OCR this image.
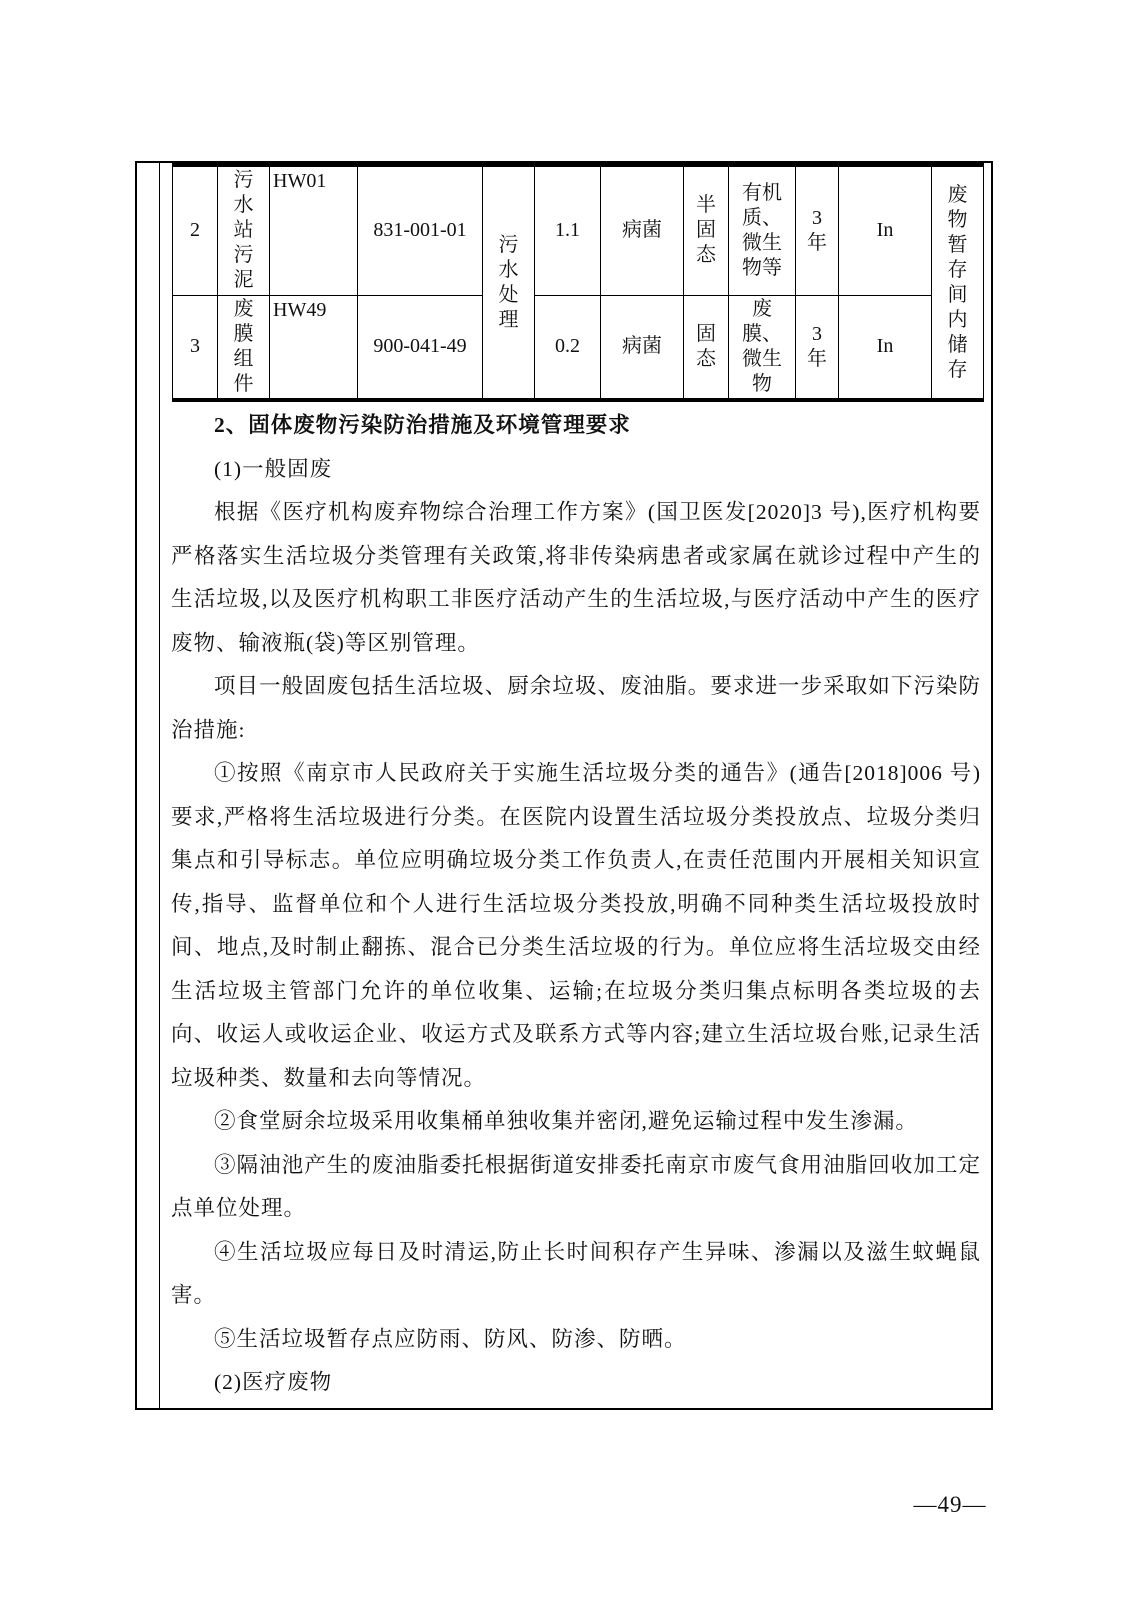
2	污水站污泥	HW01	831-001-01	污水处理	1.1	病菌	半固态	有机质、微生物等	3年	In	废物暂存间内储存

3	废膜组件	HW49	900-041-49		0.2	病菌	固态	废膜、微生物	3年	In	

2、固体废物污染防治措施及环境管理要求

(1)一般固废

根据《医疗机构废弃物综合治理工作方案》(国卫医发[2020]3 号),医疗机构要严格落实生活垃圾分类管理有关政策,将非传染病患者或家属在就诊过程中产生的生活垃圾,以及医疗机构职工非医疗活动产生的生活垃圾,与医疗活动中产生的医疗废物、输液瓶(袋)等区别管理。

项目一般固废包括生活垃圾、厨余垃圾、废油脂。要求进一步采取如下污染防治措施:

①按照《南京市人民政府关于实施生活垃圾分类的通告》(通告[2018]006 号)要求,严格将生活垃圾进行分类。在医院内设置生活垃圾分类投放点、垃圾分类归集点和引导标志。单位应明确垃圾分类工作负责人,在责任范围内开展相关知识宣传,指导、监督单位和个人进行生活垃圾分类投放,明确不同种类生活垃圾投放时间、地点,及时制止翻拣、混合已分类生活垃圾的行为。单位应将生活垃圾交由经生活垃圾主管部门允许的单位收集、运输;在垃圾分类归集点标明各类垃圾的去向、收运人或收运企业、收运方式及联系方式等内容;建立生活垃圾台账,记录生活垃圾种类、数量和去向等情况。

②食堂厨余垃圾采用收集桶单独收集并密闭,避免运输过程中发生渗漏。

③隔油池产生的废油脂委托根据街道安排委托南京市废气食用油脂回收加工定点单位处理。

④生活垃圾应每日及时清运,防止长时间积存产生异味、渗漏以及滋生蚊蝇鼠害。

⑤生活垃圾暂存点应防雨、防风、防渗、防晒。

(2)医疗废物

—49—
